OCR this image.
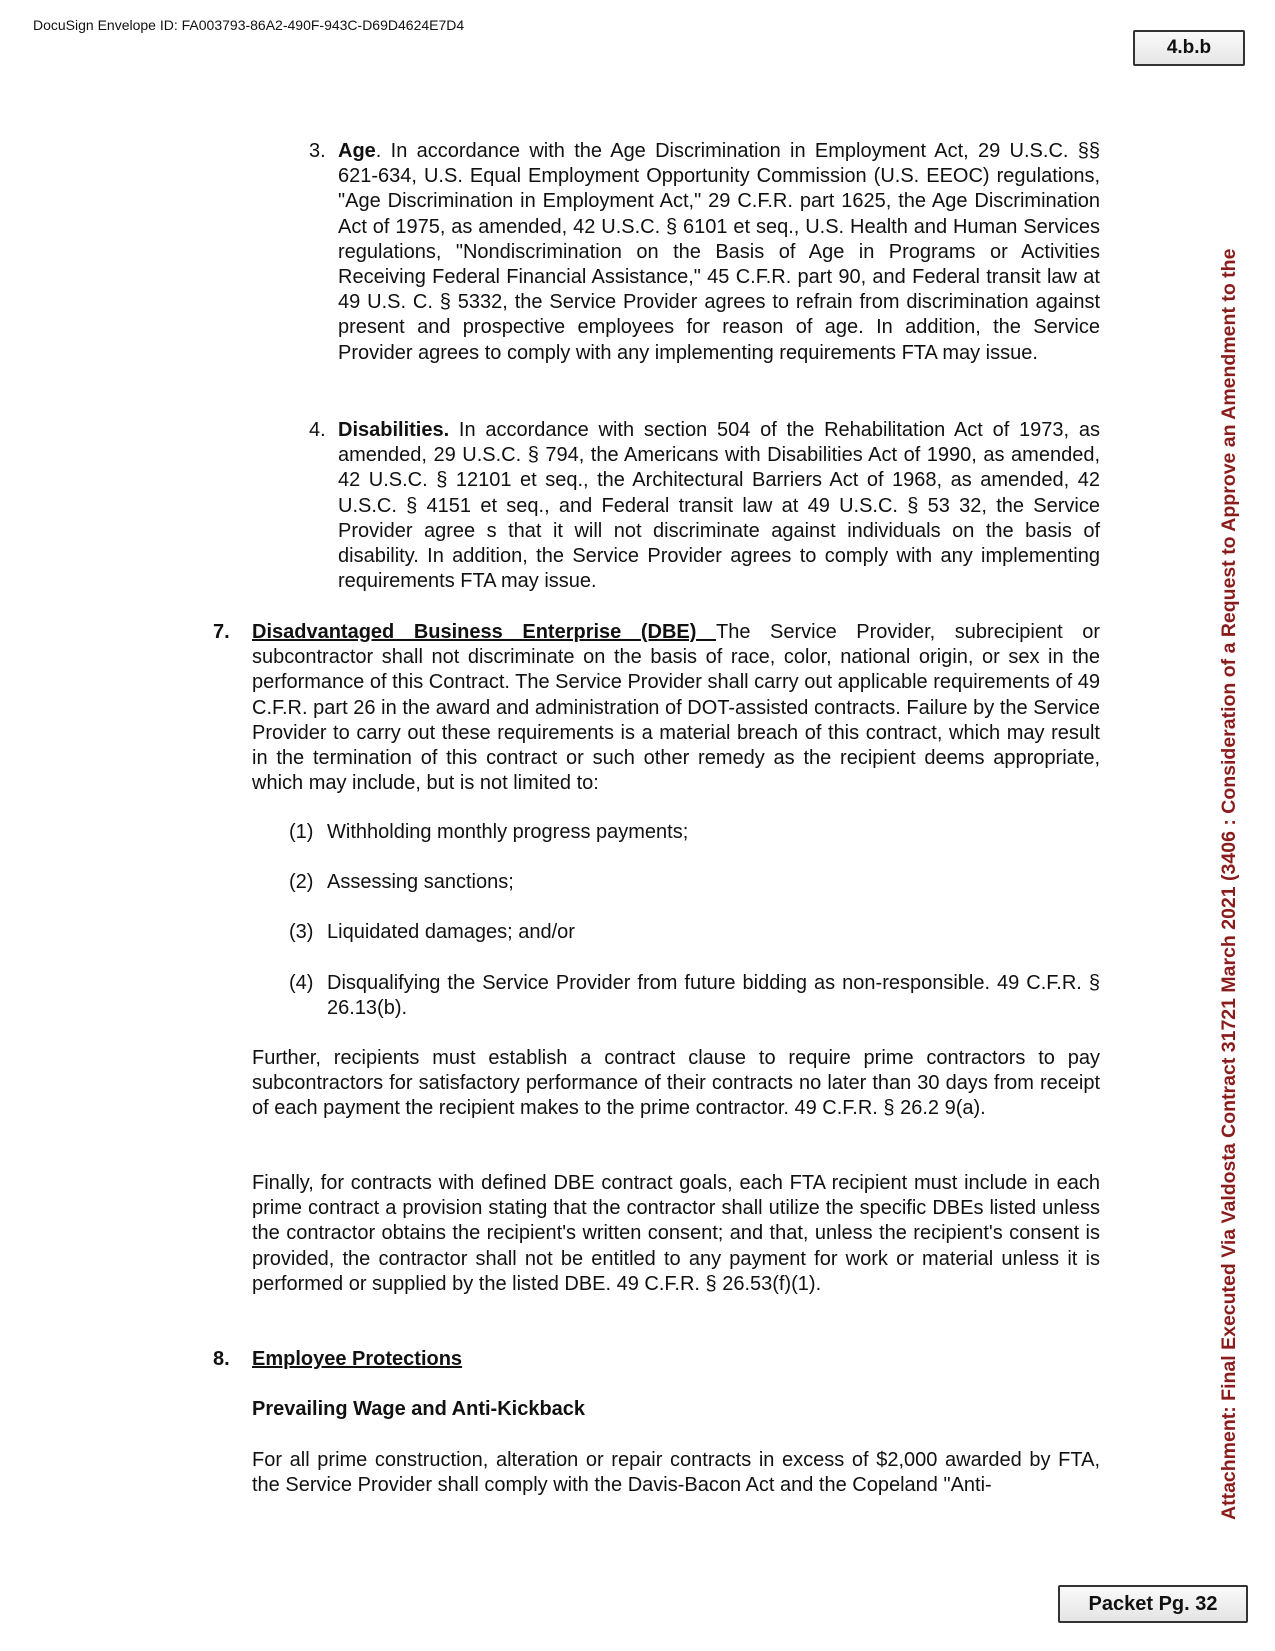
DocuSign Envelope ID: FA003793-86A2-490F-943C-D69D4624E7D4
4.b.b
Attachment: Final Executed Via Valdosta Contract 31721 March 2021 (3406 : Consideration of a Request to Approve an Amendment to the
3. Age. In accordance with the Age Discrimination in Employment Act, 29 U.S.C. §§ 621-634, U.S. Equal Employment Opportunity Commission (U.S. EEOC) regulations, "Age Discrimination in Employment Act," 29 C.F.R. part 1625, the Age Discrimination Act of 1975, as amended, 42 U.S.C. § 6101 et seq., U.S. Health and Human Services regulations, "Nondiscrimination on the Basis of Age in Programs or Activities Receiving Federal Financial Assistance," 45 C.F.R. part 90, and Federal transit law at 49 U.S. C. § 5332, the Service Provider agrees to refrain from discrimination against present and prospective employees for reason of age. In addition, the Service Provider agrees to comply with any implementing requirements FTA may issue.
4. Disabilities. In accordance with section 504 of the Rehabilitation Act of 1973, as amended, 29 U.S.C. § 794, the Americans with Disabilities Act of 1990, as amended, 42 U.S.C. § 12101 et seq., the Architectural Barriers Act of 1968, as amended, 42 U.S.C. § 4151 et seq., and Federal transit law at 49 U.S.C. § 53 32, the Service Provider agree s that it will not discriminate against individuals on the basis of disability. In addition, the Service Provider agrees to comply with any implementing requirements FTA may issue.
7. Disadvantaged Business Enterprise (DBE) The Service Provider, subrecipient or subcontractor shall not discriminate on the basis of race, color, national origin, or sex in the performance of this Contract. The Service Provider shall carry out applicable requirements of 49 C.F.R. part 26 in the award and administration of DOT-assisted contracts. Failure by the Service Provider to carry out these requirements is a material breach of this contract, which may result in the termination of this contract or such other remedy as the recipient deems appropriate, which may include, but is not limited to:
(1) Withholding monthly progress payments;
(2) Assessing sanctions;
(3) Liquidated damages; and/or
(4) Disqualifying the Service Provider from future bidding as non-responsible. 49 C.F.R. § 26.13(b).
Further, recipients must establish a contract clause to require prime contractors to pay subcontractors for satisfactory performance of their contracts no later than 30 days from receipt of each payment the recipient makes to the prime contractor. 49 C.F.R. § 26.2 9(a).
Finally, for contracts with defined DBE contract goals, each FTA recipient must include in each prime contract a provision stating that the contractor shall utilize the specific DBEs listed unless the contractor obtains the recipient's written consent; and that, unless the recipient's consent is provided, the contractor shall not be entitled to any payment for work or material unless it is performed or supplied by the listed DBE. 49 C.F.R. § 26.53(f)(1).
8. Employee Protections
Prevailing Wage and Anti-Kickback
For all prime construction, alteration or repair contracts in excess of $2,000 awarded by FTA, the Service Provider shall comply with the Davis-Bacon Act and the Copeland "Anti-
Packet Pg. 32
